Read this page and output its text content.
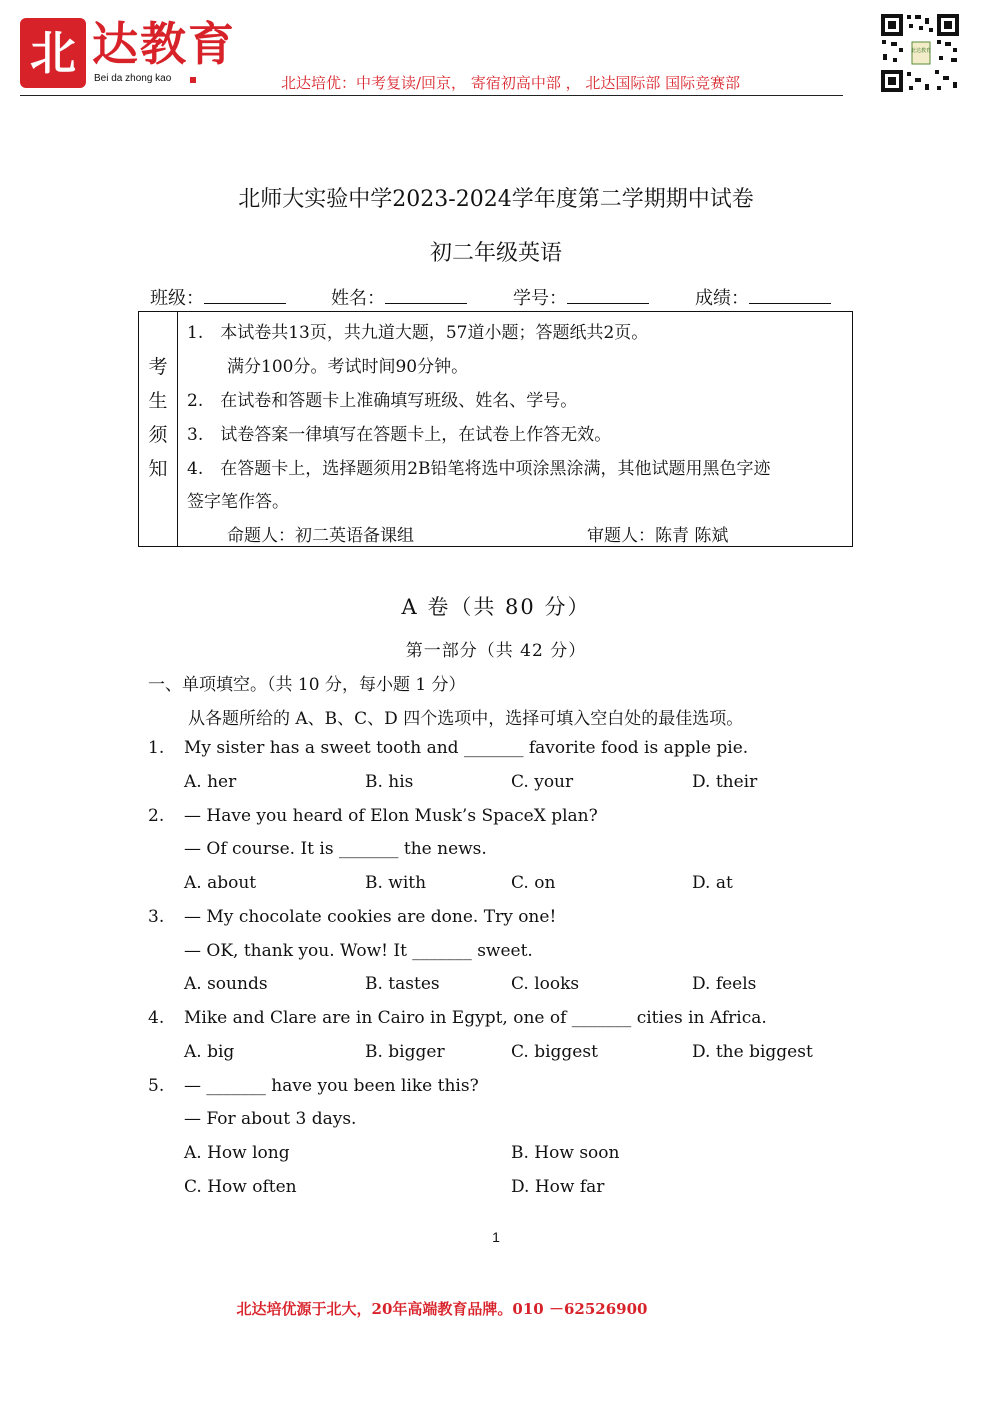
北 达教育
Bei da zhong kao	北达培优：中考复读/回京， 寄宿初高中部 ， 北达国际部 国际竞赛部
北达教育
北师大实验中学2023-2024学年度第二学期期中试卷
初二年级英语
班级：	姓名：	学号：	成绩：
考
生
须
知
1.　本试卷共13页，共九道大题，57道小题；答题纸共2页。
满分100分。考试时间90分钟。
2.　在试卷和答题卡上准确填写班级、姓名、学号。
3.　试卷答案一律填写在答题卡上，在试卷上作答无效。
4.　在答题卡上，选择题须用2B铅笔将选中项涂黑涂满，其他试题用黑色字迹
签字笔作答。
命题人：初二英语备课组	审题人：陈青 陈斌
A 卷（共 80 分）
第一部分（共 42 分）
一、单项填空。（共 10 分，每小题 1 分）
从各题所给的 A、B、C、D 四个选项中，选择可填入空白处的最佳选项。
1. My sister has a sweet tooth and _______ favorite food is apple pie.
A. her	B. his	C. your	D. their
2. — Have you heard of Elon Musk’s SpaceX plan?
— Of course. It is _______ the news.
A. about	B. with	C. on	D. at
3. — My chocolate cookies are done. Try one!
— OK, thank you. Wow! It _______ sweet.
A. sounds	B. tastes	C. looks	D. feels
4. Mike and Clare are in Cairo in Egypt, one of _______ cities in Africa.
A. big	B. bigger	C. biggest	D. the biggest
5. — _______ have you been like this?
— For about 3 days.
A. How long	B. How soon
C. How often	D. How far
1
北达培优源于北大，20年高端教育品牌。010 －62526900
